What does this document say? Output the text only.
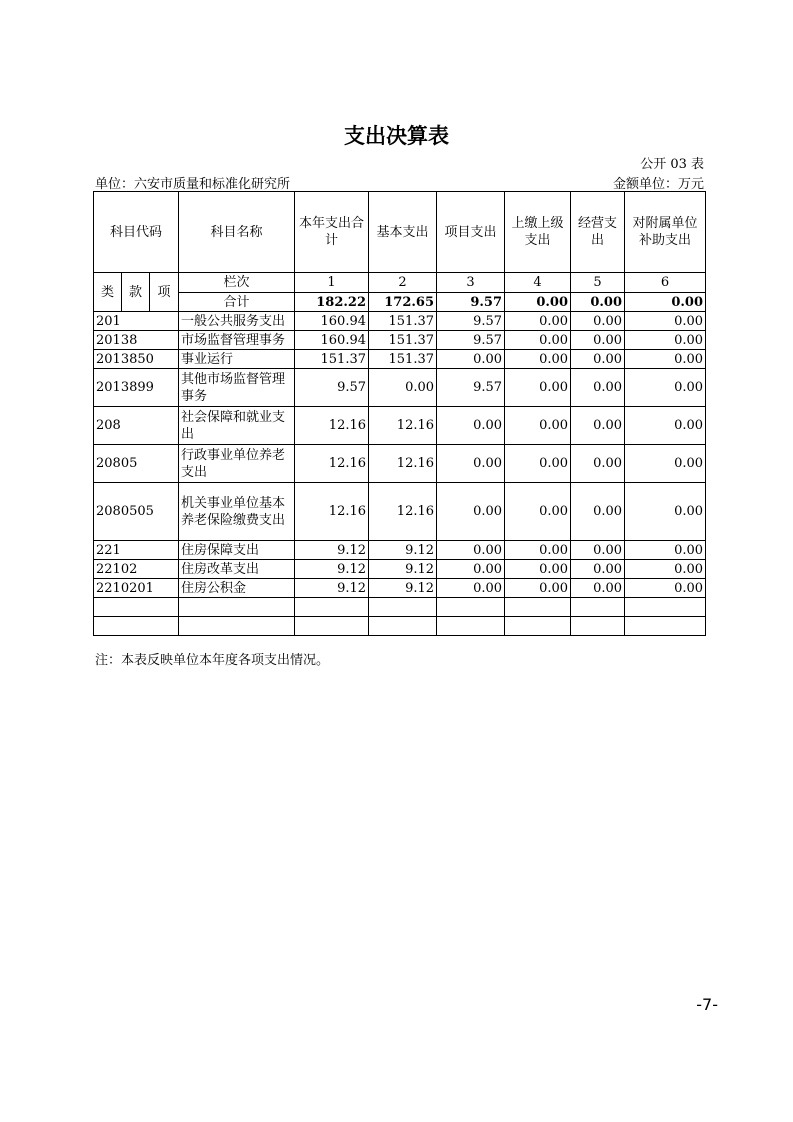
支出决算表
公开 03 表
单位：六安市质量和标准化研究所	金额单位：万元
科目代码			科目名称	本年支出合计	基本支出	项目支出	上缴上级支出	经营支出	对附属单位补助支出
类	款	项	栏次	1	2	3	4	5	6
			合计	182.22	172.65	9.57	0.00	0.00	0.00
201			一般公共服务支出	160.94	151.37	9.57	0.00	0.00	0.00
20138			市场监督管理事务	160.94	151.37	9.57	0.00	0.00	0.00
2013850			事业运行	151.37	151.37	0.00	0.00	0.00	0.00
2013899			其他市场监督管理事务	9.57	0.00	9.57	0.00	0.00	0.00
208			社会保障和就业支出	12.16	12.16	0.00	0.00	0.00	0.00
20805			行政事业单位养老支出	12.16	12.16	0.00	0.00	0.00	0.00
2080505			机关事业单位基本养老保险缴费支出	12.16	12.16	0.00	0.00	0.00	0.00
221			住房保障支出	9.12	9.12	0.00	0.00	0.00	0.00
22102			住房改革支出	9.12	9.12	0.00	0.00	0.00	0.00
2210201			住房公积金	9.12	9.12	0.00	0.00	0.00	0.00

注：本表反映单位本年度各项支出情况。
-7-
